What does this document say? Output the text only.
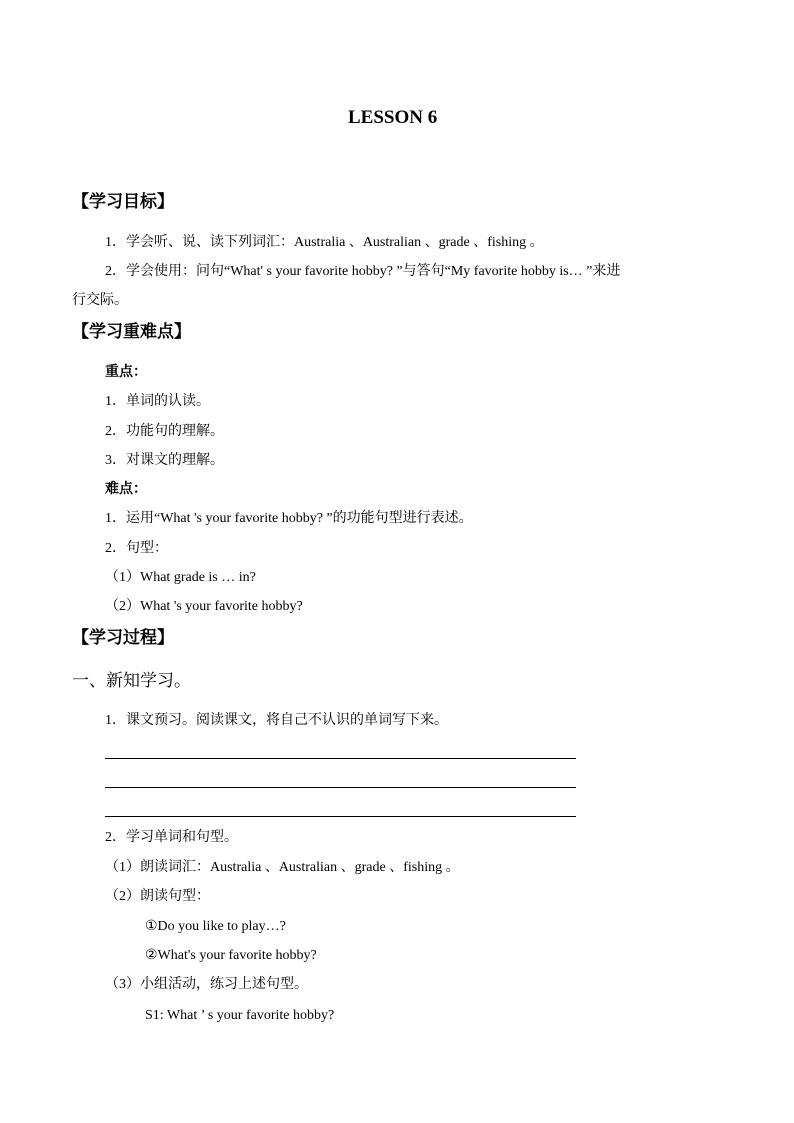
LESSON 6
【学习目标】
1．学会听、说、读下列词汇：Australia 、Australian 、grade 、fishing 。
2．学会使用：问句“What' s your favorite hobby? ”与答句“My favorite hobby is… ”来进
行交际。
【学习重难点】
重点：
1．单词的认读。
2．功能句的理解。
3．对课文的理解。
难点：
1．运用“What 's your favorite hobby? ”的功能句型进行表述。
2．句型：
（1）What grade is … in?
（2）What 's your favorite hobby?
【学习过程】
一、新知学习。
1．课文预习。阅读课文，将自己不认识的单词写下来。
2．学习单词和句型。
（1）朗读词汇：Australia 、Australian 、grade 、fishing 。
（2）朗读句型：
①Do you like to play…?
②What's your favorite hobby?
（3）小组活动，练习上述句型。
S1: What ’ s your favorite hobby?
